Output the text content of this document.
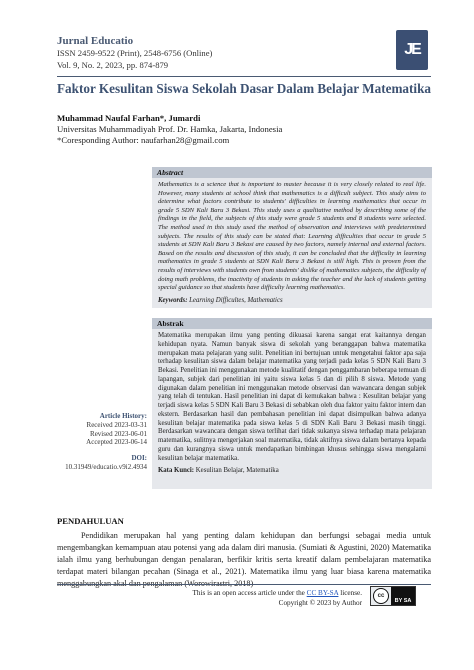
Jurnal Educatio
ISSN 2459-9522 (Print), 2548-6756 (Online)
Vol. 9, No. 2, 2023, pp. 874-879
JE
Faktor Kesulitan Siswa Sekolah Dasar Dalam Belajar Matematika
Muhammad Naufal Farhan*, Jumardi
Universitas Muhammadiyah Prof. Dr. Hamka, Jakarta, Indonesia
*Coresponding Author: naufarhan28@gmail.com
Abstract
Mathematics is a science that is important to master because it is very closely related to real life. However, many students at school think that mathematics is a difficult subject. This study aims to determine what factors contribute to students' difficulties in learning mathematics that occur in grade 5 SDN Kali Baru 3 Bekasi. This study uses a qualitative method by describing some of the findings in the field, the subjects of this study were grade 5 students and 8 students were selected. The method used in this study used the method of observation and interviews with predetermined subjects. The results of this study can be stated that: Learning difficulties that occur in grade 5 students at SDN Kali Baru 3 Bekasi are caused by two factors, namely internal and external factors. Based on the results and discussion of this study, it can be concluded that the difficulty in learning mathematics in grade 5 students at SDN Kali Baru 3 Bekasi is still high. This is proven from the results of interviews with students own from students' dislike of mathematics subjects, the difficulty of doing math problems, the inactivity of students in asking the teacher and the lack of students getting special guidance so that students have difficulty learning mathematics.
Keywords: Learning Difficultes, Mathematics
Abstrak
Matematika merupakan ilmu yang penting dikuasai karena sangat erat kaitannya dengan kehidupan nyata. Namun banyak siswa di sekolah yang beranggapan bahwa matematika merupakan mata pelajaran yang sulit. Penelitian ini bertujuan untuk mengetahui faktor apa saja terhadap kesulitan siswa dalam belajar matematika yang terjadi pada kelas 5 SDN Kali Baru 3 Bekasi. Penelitian ini menggunakan metode kualitatif dengan penggambaran beberapa temuan di lapangan, subjek dari penelitian ini yaitu siswa kelas 5 dan di pilih 8 siswa. Metode yang digunakan dalam penelitian ini menggunakan metode observasi dan wawancara dengan subjek yang telah di tentukan. Hasil penelitian ini dapat di kemukakan bahwa : Kesulitan belajar yang terjadi siswa kelas 5 SDN Kali Baru 3 Bekasi di sebabkan oleh dua faktor yaitu faktor intern dan ekstern. Berdasarkan hasil dan pembahasan penelitian ini dapat disimpulkan bahwa adanya kesulitan belajar matematika pada siswa kelas 5 di SDN Kali Baru 3 Bekasi masih tinggi. Berdasarkan wawancara dengan siswa terlihat dari tidak sukanya siswa terhadap mata pelajaran matematika, sulitnya mengerjakan soal matematika, tidak aktifnya siswa dalam bertanya kepada guru dan kurangnya siswa untuk mendapatkan bimbingan khusus sehingga siswa mengalami kesulitan belajar matematika.
Kata Kunci: Kesulitan Belajar, Matematika
Article History:
Received 2023-03-31
Revised 2023-06-01
Accepted 2023-06-14
DOI:
10.31949/educatio.v9i2.4934
PENDAHULUAN
Pendidikan merupakan hal yang penting dalam kehidupan dan berfungsi sebagai media untuk mengembangkan kemampuan atau potensi yang ada dalam diri manusia. (Sumiati & Agustini, 2020) Matematika ialah ilmu yang berhubungan dengan penalaran, berfikir kritis serta kreatif dalam pembelajaran matematika terdapat materi bilangan pecahan (Sinaga et al., 2021). Matematika ilmu yang luar biasa karena matematika menggabungkan akal dan pengalaman (Worowirastri, 2018)
This is an open access article under the CC BY-SA license.
Copyright © 2023 by Author
cc
BY SA
